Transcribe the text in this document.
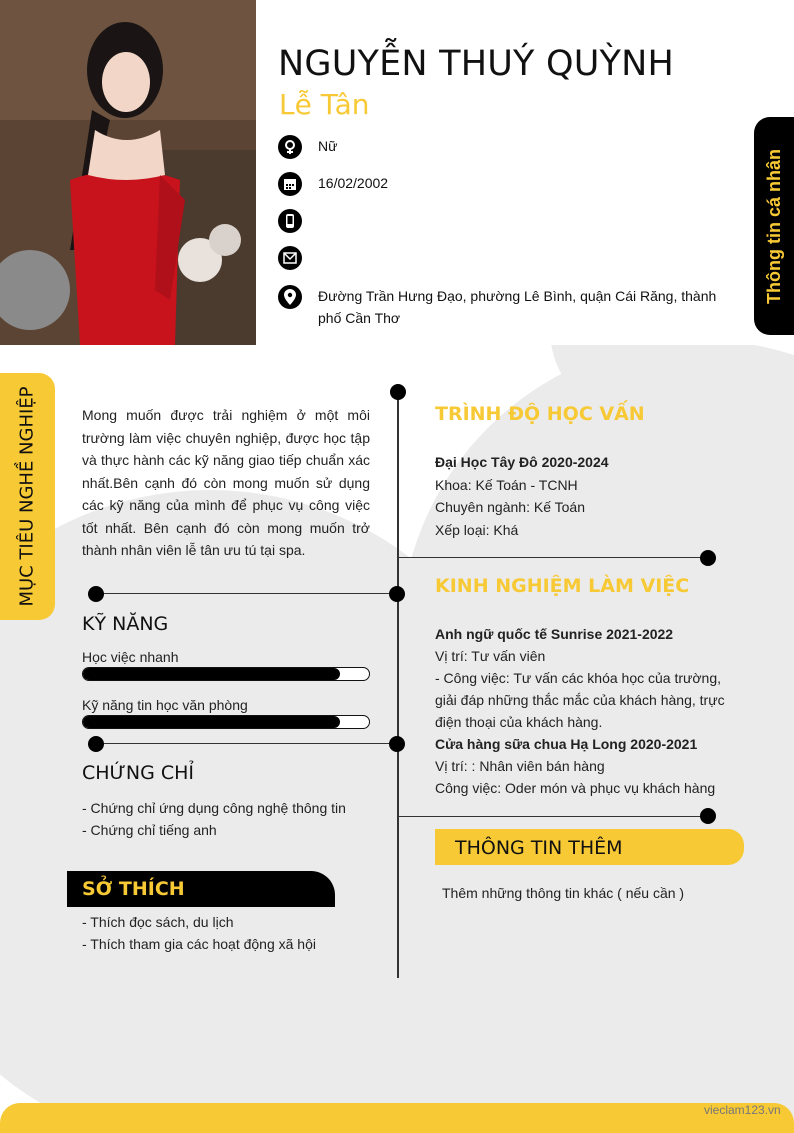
NGUYỄN THUÝ QUỲNH
Lễ Tân
Nữ
16/02/2002
Đường Trần Hưng Đạo, phường Lê Bình, quận Cái Răng, thành phố Cần Thơ
Thông tin cá nhân
MỤC TIÊU NGHỀ NGHIỆP	Mong muốn được trải nghiệm ở một môi trường làm việc chuyên nghiệp, được học tập và thực hành các kỹ năng giao tiếp chuẩn xác nhất.Bên cạnh đó còn mong muốn sử dụng các kỹ năng của mình để phục vụ công việc tốt nhất. Bên cạnh đó còn mong muốn trở thành nhân viên lễ tân ưu tú tại spa.
KỸ NĂNG
Học việc nhanh
Kỹ năng tin học văn phòng
CHỨNG CHỈ
- Chứng chỉ ứng dụng công nghệ thông tin
- Chứng chỉ tiếng anh
SỞ THÍCH
- Thích đọc sách, du lịch
- Thích tham gia các hoạt động xã hội
TRÌNH ĐỘ HỌC VẤN
Đại Học Tây Đô 2020-2024
Khoa: Kế Toán - TCNH
Chuyên ngành: Kế Toán
Xếp loại: Khá
KINH NGHIỆM LÀM VIỆC
Anh ngữ quốc tế Sunrise 2021-2022
Vị trí: Tư vấn viên
- Công việc: Tư vấn các khóa học của trường,
giải đáp những thắc mắc của khách hàng, trực
điện thoại của khách hàng.
Cửa hàng sữa chua Hạ Long 2020-2021
Vị trí: : Nhân viên bán hàng
Công việc: Oder món và phục vụ khách hàng
THÔNG TIN THÊM
Thêm những thông tin khác ( nếu cần )
vieclam123.vn
